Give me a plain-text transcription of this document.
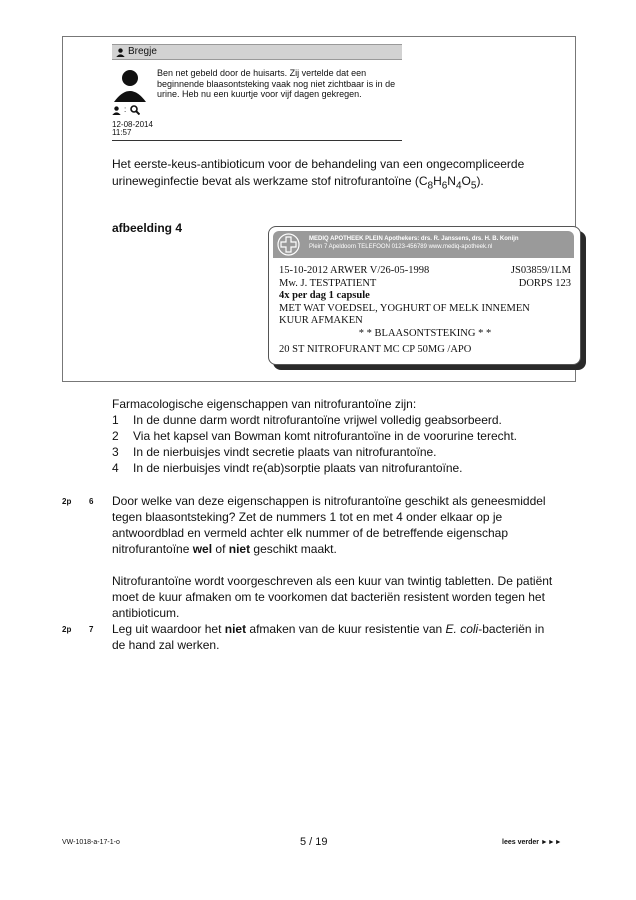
Bregje
:
12-08-2014
11:57
Ben net gebeld door de huisarts. Zij vertelde dat een beginnende blaasontsteking vaak nog niet zichtbaar is in de urine. Heb nu een kuurtje voor vijf dagen gekregen.
Het eerste-keus-antibioticum voor de behandeling van een ongecompliceerde urineweginfectie bevat als werkzame stof nitrofurantoïne $(C_8H_6N_4O_5)$.
afbeelding 4
MEDIQ APOTHEEK PLEIN Apothekers: drs. R. Janssens, drs. H. B. Konijn
Plein 7 Apeldoorn TELEFOON 0123-456789 www.mediq-apotheek.nl
15-10-2012 ARWER V/26-05-1998	JS03859/1LM
Mw. J. TESTPATIENT	DORPS 123
4x per dag 1 capsule
MET WAT VOEDSEL, YOGHURT OF MELK INNEMEN
KUUR AFMAKEN
* * BLAASONTSTEKING * *
20 ST NITROFURANT MC CP 50MG /APO
Farmacologische eigenschappen van nitrofurantoïne zijn:
1 In de dunne darm wordt nitrofurantoïne vrijwel volledig geabsorbeerd.
2 Via het kapsel van Bowman komt nitrofurantoïne in de voorurine terecht.
3 In de nierbuisjes vindt secretie plaats van nitrofurantoïne.
4 In de nierbuisjes vindt re(ab)sorptie plaats van nitrofurantoïne.
2p 6 Door welke van deze eigenschappen is nitrofurantoïne geschikt als geneesmiddel tegen blaasontsteking? Zet de nummers 1 tot en met 4 onder elkaar op je antwoordblad en vermeld achter elk nummer of de betreffende eigenschap nitrofurantoïne wel of niet geschikt maakt.
Nitrofurantoïne wordt voorgeschreven als een kuur van twintig tabletten. De patiënt moet de kuur afmaken om te voorkomen dat bacteriën resistent worden tegen het antibioticum.
2p 7 Leg uit waardoor het niet afmaken van de kuur resistentie van E. coli-bacteriën in de hand zal werken.
VW-1018-a-17-1-o	5 / 19	lees verder ►►►
